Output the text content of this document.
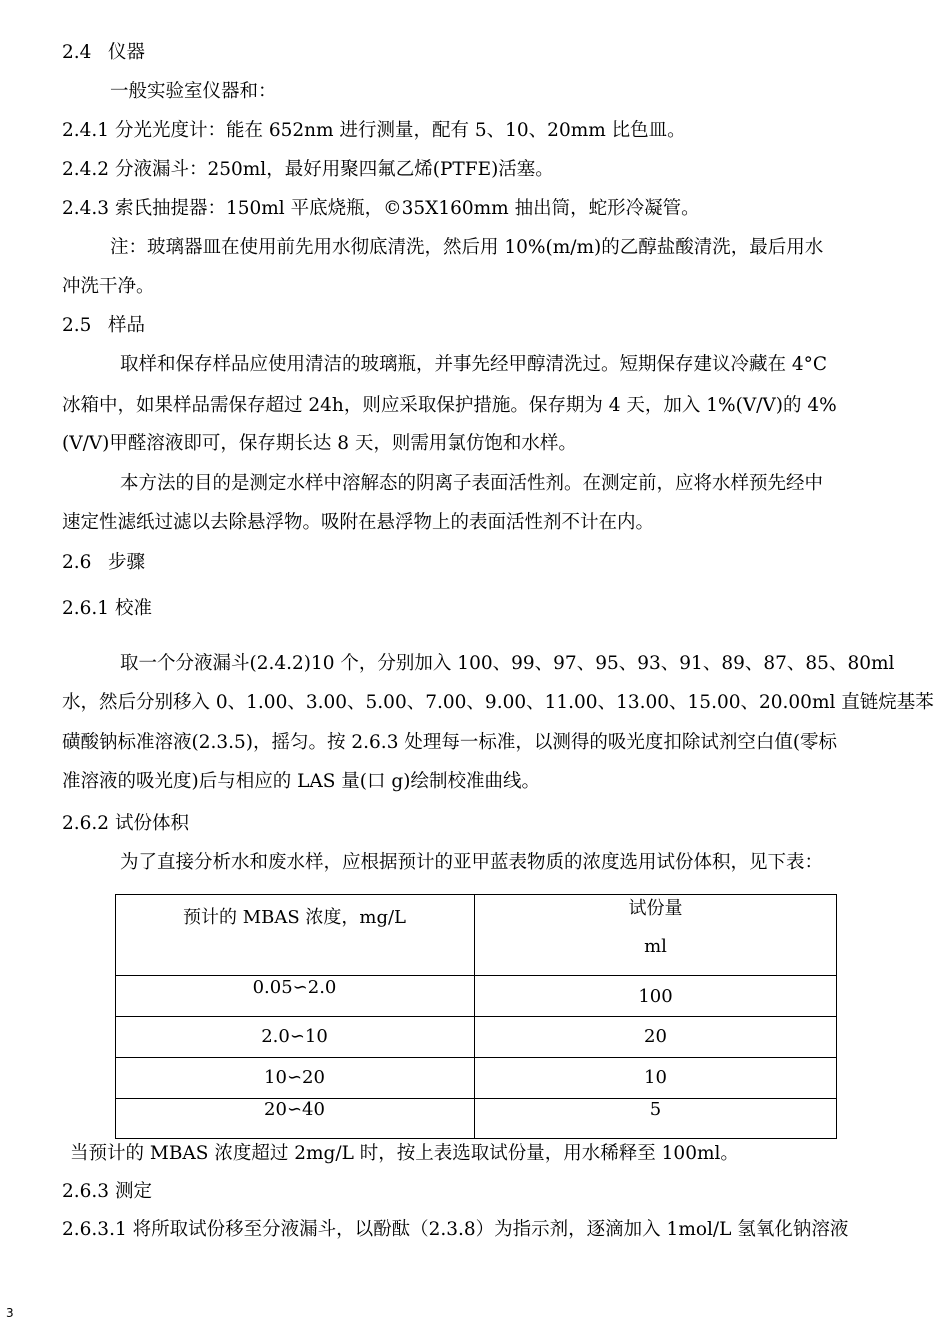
2.4 仪器
一般实验室仪器和：
2.4.1 分光光度计：能在 652nm 进行测量，配有 5、10、20mm 比色皿。
2.4.2 分液漏斗：250ml，最好用聚四氟乙烯(PTFE)活塞。
2.4.3 索氏抽提器：150ml 平底烧瓶，©35X160mm 抽出筒，蛇形冷凝管。
注：玻璃器皿在使用前先用水彻底清洗，然后用 10%(m/m)的乙醇盐酸清洗，最后用水
冲洗干净。
2.5 样品
取样和保存样品应使用清洁的玻璃瓶，并事先经甲醇清洗过。短期保存建议冷藏在 4°C
冰箱中，如果样品需保存超过 24h，则应采取保护措施。保存期为 4 天，加入 1%(V/V)的 4%
(V/V)甲醛溶液即可，保存期长达 8 天，则需用氯仿饱和水样。
本方法的目的是测定水样中溶解态的阴离子表面活性剂。在测定前，应将水样预先经中
速定性滤纸过滤以去除悬浮物。吸附在悬浮物上的表面活性剂不计在内。
2.6 步骤
2.6.1 校准
取一个分液漏斗(2.4.2)10 个，分别加入 100、99、97、95、93、91、89、87、85、80ml
水，然后分别移入 0、1.00、3.00、5.00、7.00、9.00、11.00、13.00、15.00、20.00ml 直链烷基苯
磺酸钠标准溶液(2.3.5)，摇匀。按 2.6.3 处理每一标准，以测得的吸光度扣除试剂空白值(零标
准溶液的吸光度)后与相应的 LAS 量(口 g)绘制校准曲线。
2.6.2 试份体积
为了直接分析水和废水样，应根据预计的亚甲蓝表物质的浓度选用试份体积，见下表：
预计的 MBAS 浓度，mg/L	试份量
ml
0.05∽2.0	100
2.0∽10	20
10∽20	10
20∽40	5
当预计的 MBAS 浓度超过 2mg/L 时，按上表选取试份量，用水稀释至 100ml。
2.6.3 测定
2.6.3.1 将所取试份移至分液漏斗，以酚酞（2.3.8）为指示剂，逐滴加入 1mol/L 氢氧化钠溶液
3
